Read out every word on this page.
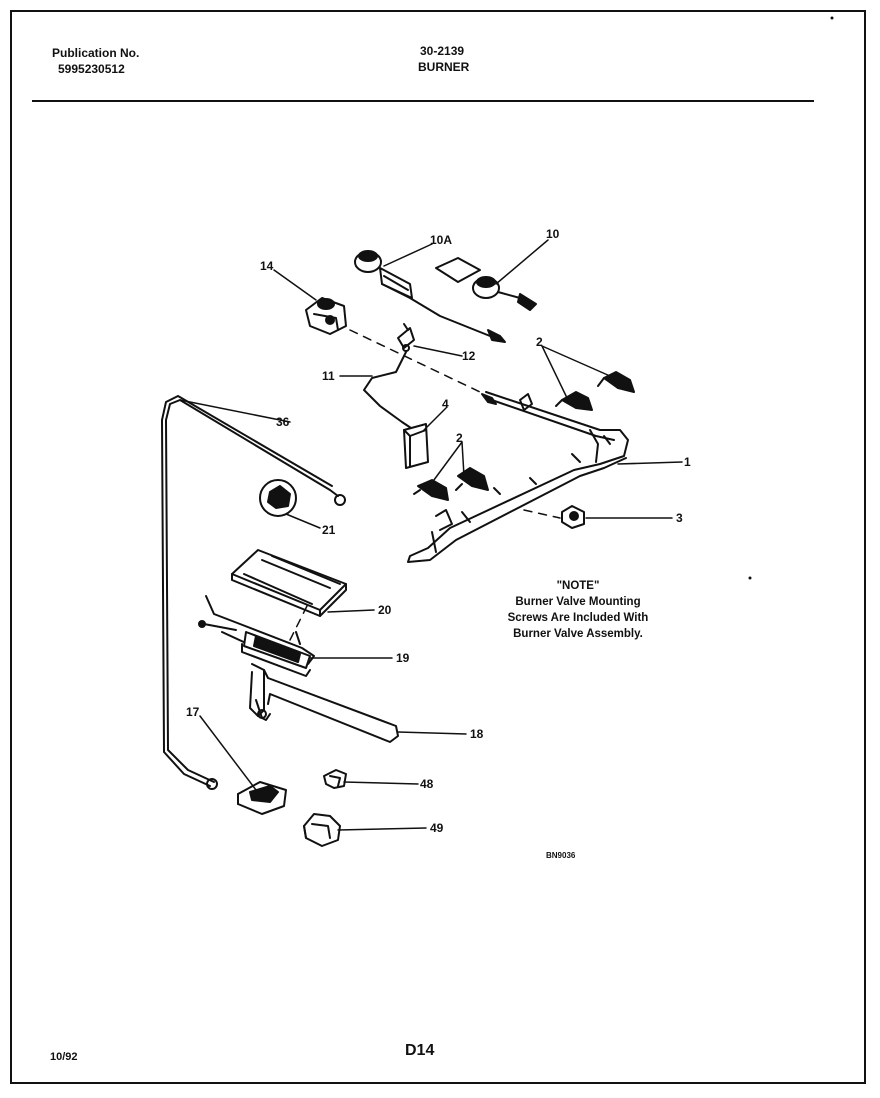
Publication No.
5995230512
30-2139
BURNER
10A	10
14
12
11
2
4
36
2
1
3
21
20
19
18
17
48
49
BN9036
"NOTE"
Burner Valve Mounting
Screws Are Included With
Burner Valve Assembly.
10/92	D14
